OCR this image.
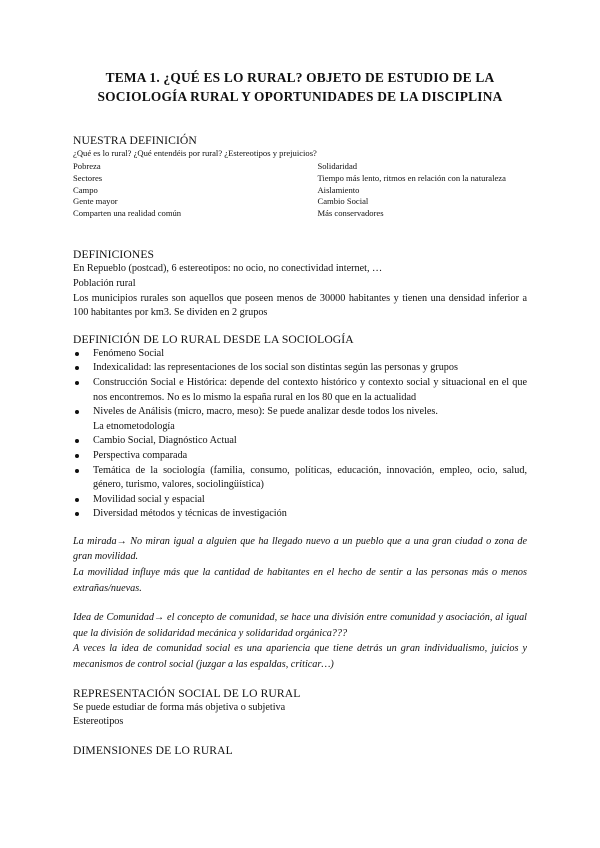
TEMA 1. ¿QUÉ ES LO RURAL? OBJETO DE ESTUDIO DE LA
SOCIOLOGÍA RURAL Y OPORTUNIDADES DE LA DISCIPLINA

NUESTRA DEFINICIÓN

¿Qué es lo rural? ¿Qué entendéis por rural? ¿Estereotipos y prejuicios?

Pobreza
Sectores
Campo
Gente mayor
Comparten una realidad común
Solidaridad
Tiempo más lento, ritmos en relación con la naturaleza
Aislamiento
Cambio Social
Más conservadores

DEFINICIONES

En Repueblo (postcad), 6 estereotipos: no ocio, no conectividad internet, …

Población rural

Los municipios rurales son aquellos que poseen menos de 30000 habitantes y tienen una densidad inferior a 100 habitantes por km3. Se dividen en 2 grupos

DEFINICIÓN DE LO RURAL DESDE LA SOCIOLOGÍA

Fenómeno Social
Indexicalidad: las representaciones de los social son distintas según las personas y grupos
Construcción Social e Histórica: depende del contexto histórico y contexto social y situacional en el que nos encontremos. No es lo mismo la españa rural en los 80 que en la actualidad
Niveles de Análisis (micro, macro, meso): Se puede analizar desde todos los niveles.
La etnometodología
Cambio Social, Diagnóstico Actual
Perspectiva comparada
Temática de la sociología (familia, consumo, políticas, educación, innovación, empleo, ocio, salud, género, turismo, valores, sociolingüística)
Movilidad social y espacial
Diversidad métodos y técnicas de investigación

La mirada→ No miran igual a alguien que ha llegado nuevo a un pueblo que a una gran ciudad o zona de gran movilidad.

La movilidad influye más que la cantidad de habitantes en el hecho de sentir a las personas más o menos extrañas/nuevas.

Idea de Comunidad→ el concepto de comunidad, se hace una división entre comunidad y asociación, al igual que la división de solidaridad mecánica y solidaridad orgánica???

A veces la idea de comunidad social es una apariencia que tiene detrás un gran individualismo, juicios y mecanismos de control social (juzgar a las espaldas, criticar…)

REPRESENTACIÓN SOCIAL DE LO RURAL

Se puede estudiar de forma más objetiva o subjetiva

Estereotipos

DIMENSIONES DE LO RURAL
